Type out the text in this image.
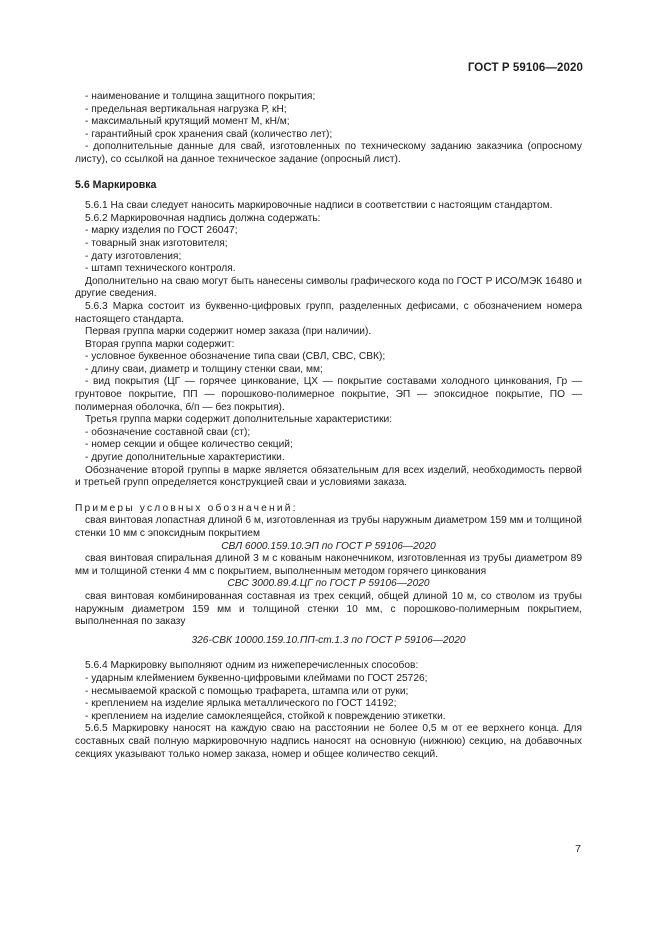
ГОСТ Р 59106—2020

- наименование и толщина защитного покрытия;

- предельная вертикальная нагрузка Р, кН;

- максимальный крутящий момент М, кН/м;

- гарантийный срок хранения свай (количество лет);

- дополнительные данные для свай, изготовленных по техническому заданию заказчика (опросному листу), со ссылкой на данное техническое задание (опросный лист).

5.6 Маркировка

5.6.1 На сваи следует наносить маркировочные надписи в соответствии с настоящим стандартом.

5.6.2 Маркировочная надпись должна содержать:

- марку изделия по ГОСТ 26047;

- товарный знак изготовителя;

- дату изготовления;

- штамп технического контроля.

Дополнительно на сваю могут быть нанесены символы графического кода по ГОСТ Р ИСО/МЭК 16480 и другие сведения.

5.6.3 Марка состоит из буквенно-цифровых групп, разделенных дефисами, с обозначением номера настоящего стандарта.

Первая группа марки содержит номер заказа (при наличии).

Вторая группа марки содержит:

- условное буквенное обозначение типа сваи (СВЛ, СВС, СВК);

- длину сваи, диаметр и толщину стенки сваи, мм;

- вид покрытия (ЦГ — горячее цинкование, ЦХ — покрытие составами холодного цинкования, Гр — грунтовое покрытие, ПП — порошково-полимерное покрытие, ЭП — эпоксидное покрытие, ПО — полимерная оболочка, б/п — без покрытия).

Третья группа марки содержит дополнительные характеристики:

- обозначение составной сваи (ст);

- номер секции и общее количество секций;

- другие дополнительные характеристики.

Обозначение второй группы в марке является обязательным для всех изделий, необходимость первой и третьей групп определяется конструкцией сваи и условиями заказа.

Примеры условных обозначений:

свая винтовая лопастная длиной 6 м, изготовленная из трубы наружным диаметром 159 мм и толщиной стенки 10 мм с эпоксидным покрытием

СВЛ 6000.159.10.ЭП по ГОСТ Р 59106—2020

свая винтовая спиральная длиной 3 м с кованым наконечником, изготовленная из трубы диаметром 89 мм и толщиной стенки 4 мм с покрытием, выполненным методом горячего цинкования

СВС 3000.89.4.ЦГ по ГОСТ Р 59106—2020

свая винтовая комбинированная составная из трех секций, общей длиной 10 м, со стволом из трубы наружным диаметром 159 мм и толщиной стенки 10 мм, с порошково-полимерным покрытием, выполненная по заказу

326-СВК 10000.159.10.ПП-ст.1.3 по ГОСТ Р 59106—2020

5.6.4 Маркировку выполняют одним из нижеперечисленных способов:

- ударным клеймением буквенно-цифровыми клеймами по ГОСТ 25726;

- несмываемой краской с помощью трафарета, штампа или от руки;

- креплением на изделие ярлыка металлического по ГОСТ 14192;

- креплением на изделие самоклеящейся, стойкой к повреждению этикетки.

5.6.5 Маркировку наносят на каждую сваю на расстоянии не более 0,5 м от ее верхнего конца. Для составных свай полную маркировочную надпись наносят на основную (нижнюю) секцию, на добавочных секциях указывают только номер заказа, номер и общее количество секций.

7
